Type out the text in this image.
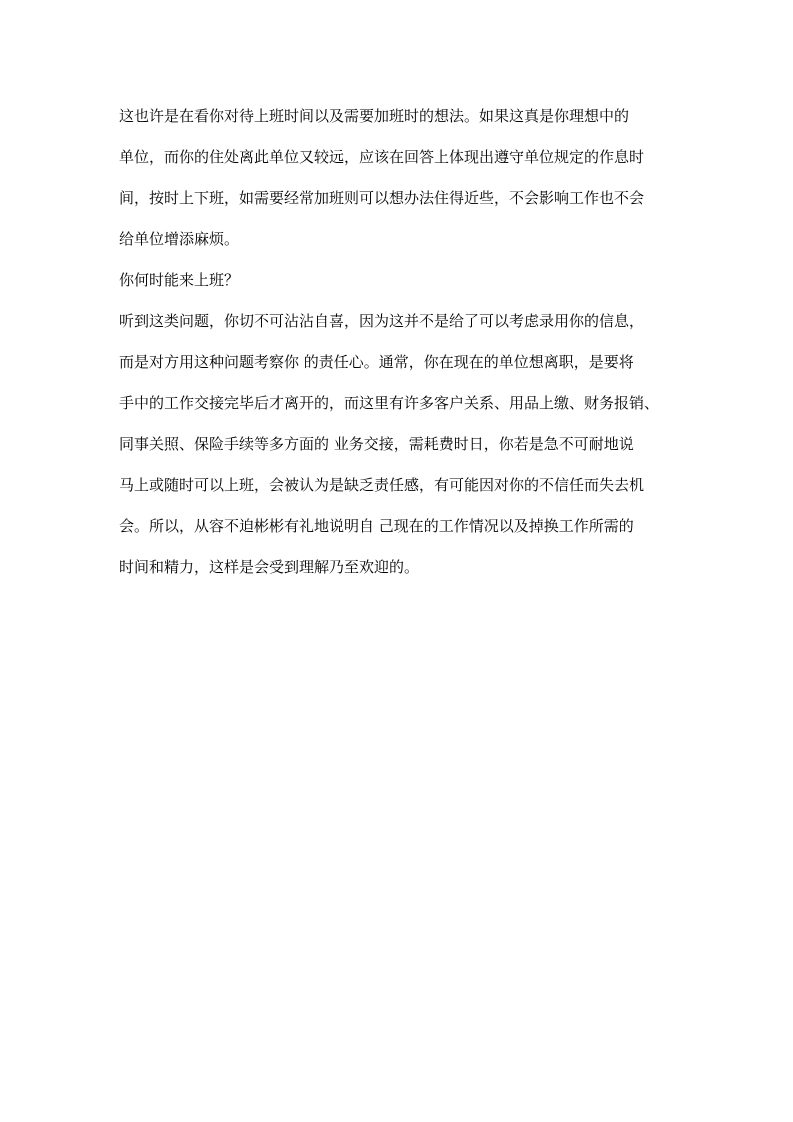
这也许是在看你对待上班时间以及需要加班时的想法。如果这真是你理想中的
单位，而你的住处离此单位又较远，应该在回答上体现出遵守单位规定的作息时
间，按时上下班，如需要经常加班则可以想办法住得近些，不会影响工作也不会
给单位增添麻烦。
你何时能来上班？
听到这类问题，你切不可沾沾自喜，因为这并不是给了可以考虑录用你的信息，
而是对方用这种问题考察你 的责任心。通常，你在现在的单位想离职，是要将
手中的工作交接完毕后才离开的，而这里有许多客户关系、用品上缴、财务报销、
同事关照、保险手续等多方面的 业务交接，需耗费时日，你若是急不可耐地说
马上或随时可以上班，会被认为是缺乏责任感，有可能因对你的不信任而失去机
会。所以，从容不迫彬彬有礼地说明自 己现在的工作情况以及掉换工作所需的
时间和精力，这样是会受到理解乃至欢迎的。
